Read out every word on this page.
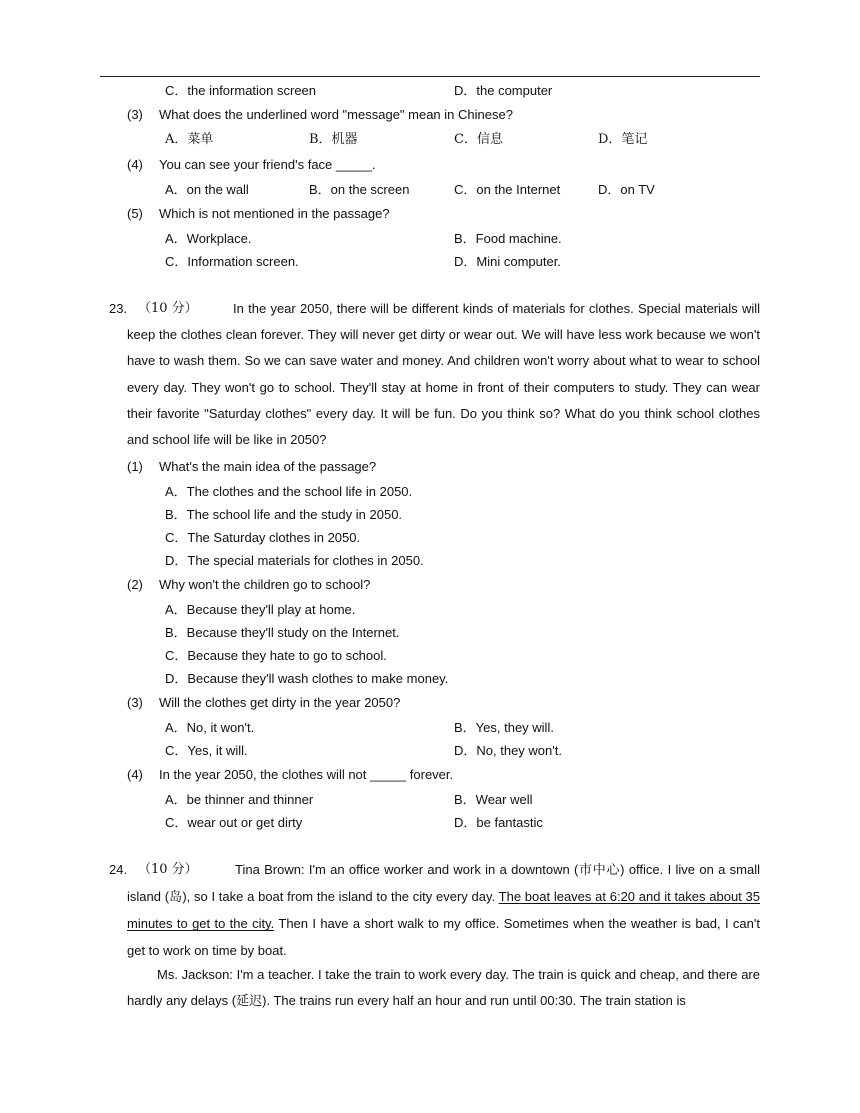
C．the information screen	D．the computer
(3) What does the underlined word "message" mean in Chinese?
A．菜单	B．机器	C．信息	D．笔记
(4) You can see your friend's face _____.
A．on the wall	B．on the screen	C．on the Internet	D．on TV
(5) Which is not mentioned in the passage?
A．Workplace.	B．Food machine.
C．Information screen.	D．Mini computer.
23. （10 分）	In the year 2050, there will be different kinds of materials for clothes. Special materials will keep the clothes clean forever. They will never get dirty or wear out. We will have less work because we won't have to wash them. So we can save water and money. And children won't worry about what to wear to school every day. They won't go to school. They'll stay at home in front of their computers to study. They can wear their favorite "Saturday clothes" every day. It will be fun. Do you think so? What do you think school clothes and school life will be like in 2050?
(1) What's the main idea of the passage?
A．The clothes and the school life in 2050.
B．The school life and the study in 2050.
C．The Saturday clothes in 2050.
D．The special materials for clothes in 2050.
(2) Why won't the children go to school?
A．Because they'll play at home.
B．Because they'll study on the Internet.
C．Because they hate to go to school.
D．Because they'll wash clothes to make money.
(3) Will the clothes get dirty in the year 2050?
A．No, it won't.	B．Yes, they will.
C．Yes, it will.	D．No, they won't.
(4) In the year 2050, the clothes will not _____ forever.
A．be thinner and thinner	B．Wear well
C．wear out or get dirty	D．be fantastic
24. （10 分）	Tina Brown: I'm an office worker and work in a downtown (市中心) office. I live on a small island (岛), so I take a boat from the island to the city every day. The boat leaves at 6:20 and it takes about 35 minutes to get to the city. Then I have a short walk to my office. Sometimes when the weather is bad, I can't get to work on time by boat.
Ms. Jackson: I'm a teacher. I take the train to work every day. The train is quick and cheap, and there are hardly any delays (延迟). The trains run every half an hour and run until 00:30. The train station is
